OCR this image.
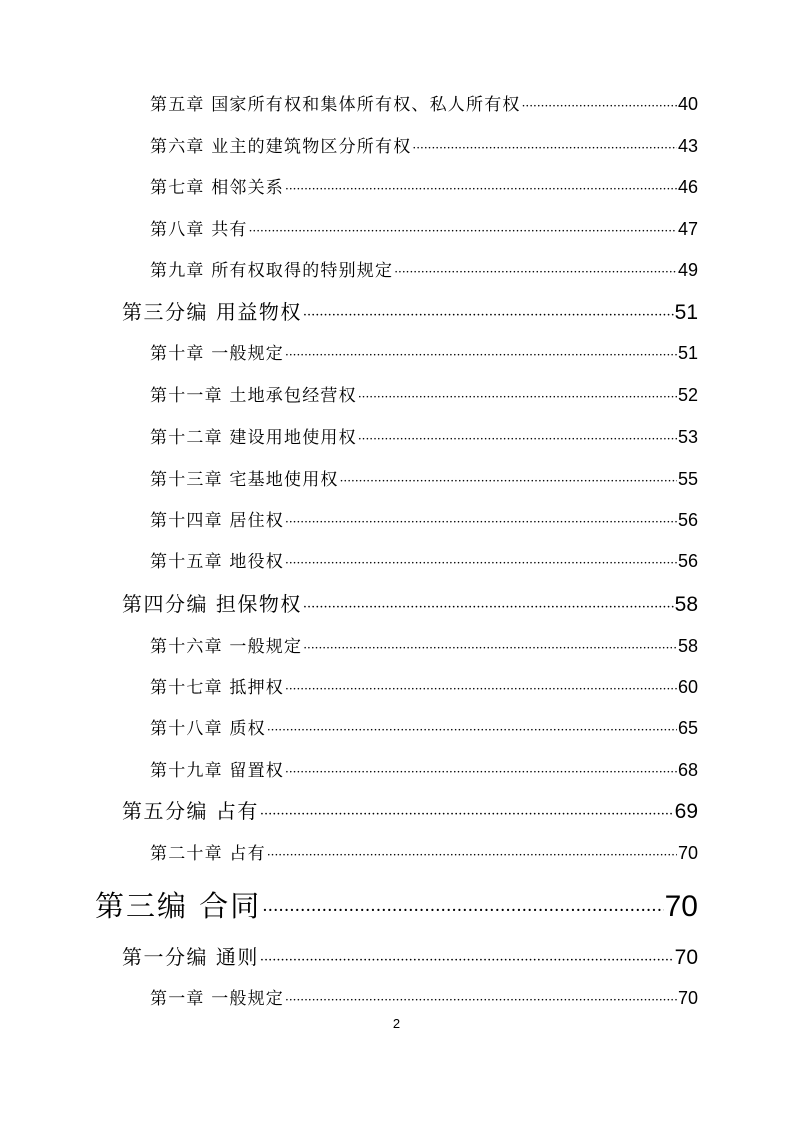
第五章 国家所有权和集体所有权、私人所有权 ·····	40
第六章 业主的建筑物区分所有权 ·····	43
第七章 相邻关系 ·····	46
第八章 共有 ·····	47
第九章 所有权取得的特别规定 ·····	49
第三分编 用益物权 ·····	51
第十章 一般规定 ·····	51
第十一章 土地承包经营权 ·····	52
第十二章 建设用地使用权 ·····	53
第十三章 宅基地使用权 ·····	55
第十四章 居住权 ·····	56
第十五章 地役权 ·····	56
第四分编 担保物权 ·····	58
第十六章 一般规定 ·····	58
第十七章 抵押权 ·····	60
第十八章 质权 ·····	65
第十九章 留置权 ·····	68
第五分编 占有 ·····	69
第二十章 占有 ·····	70
第三编 合同 ·····	70
第一分编 通则 ·····	70
第一章 一般规定 ·····	70
2
